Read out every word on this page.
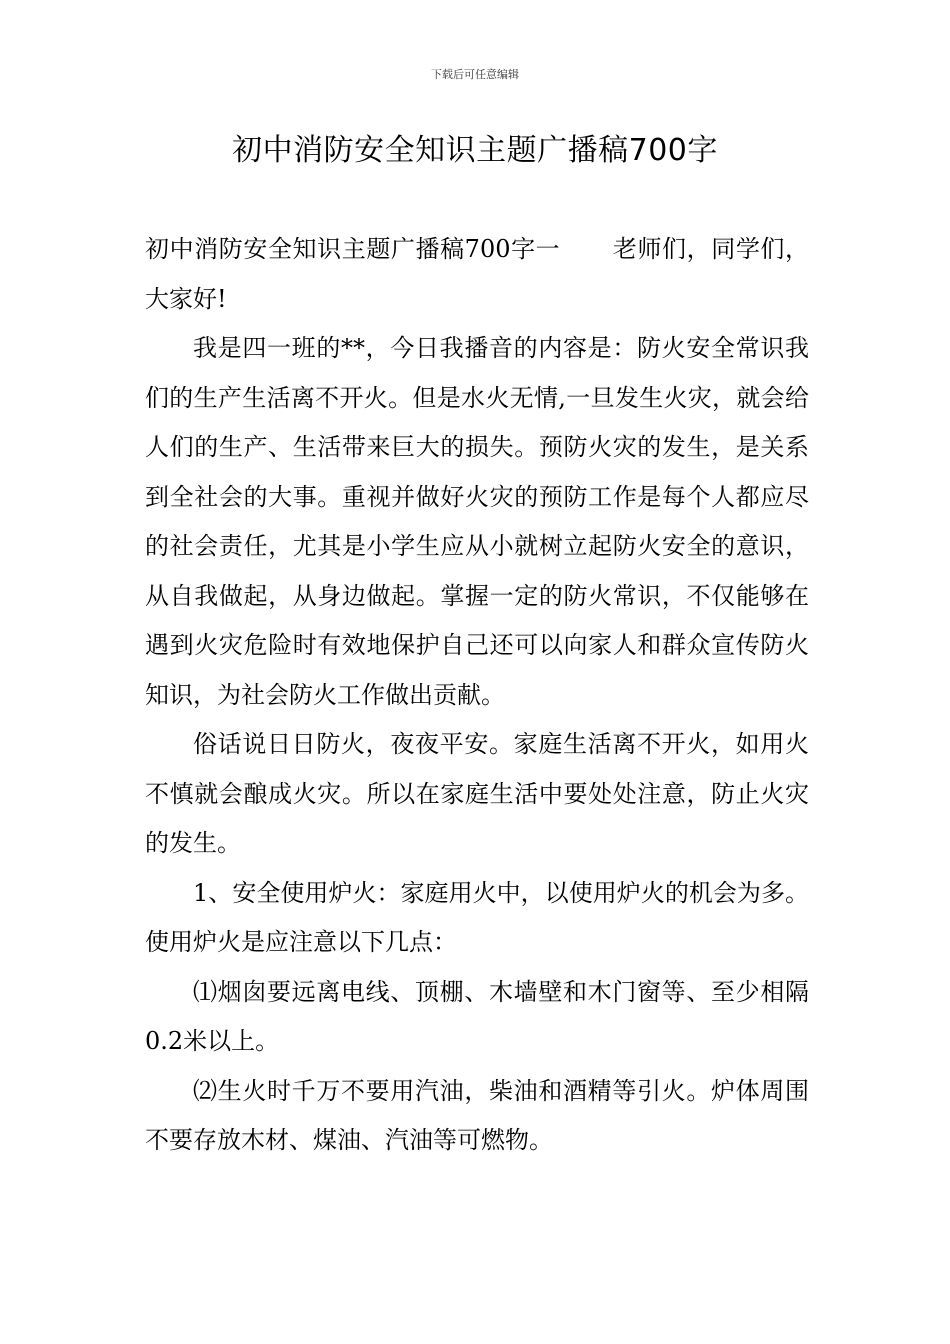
下载后可任意编辑
初中消防安全知识主题广播稿700字

初中消防安全知识主题广播稿700字一 老师们，同学们，大家好!

我是四一班的**，今日我播音的内容是：防火安全常识我们的生产生活离不开火。但是水火无情,一旦发生火灾，就会给人们的生产、生活带来巨大的损失。预防火灾的发生，是关系到全社会的大事。重视并做好火灾的预防工作是每个人都应尽的社会责任，尤其是小学生应从小就树立起防火安全的意识，从自我做起，从身边做起。掌握一定的防火常识，不仅能够在遇到火灾危险时有效地保护自己还可以向家人和群众宣传防火知识，为社会防火工作做出贡献。

俗话说日日防火，夜夜平安。家庭生活离不开火，如用火不慎就会酿成火灾。所以在家庭生活中要处处注意，防止火灾的发生。

1、安全使用炉火：家庭用火中，以使用炉火的机会为多。使用炉火是应注意以下几点：

⑴烟囱要远离电线、顶棚、木墙壁和木门窗等、至少相隔0.2米以上。

⑵生火时千万不要用汽油，柴油和酒精等引火。炉体周围不要存放木材、煤油、汽油等可燃物。
